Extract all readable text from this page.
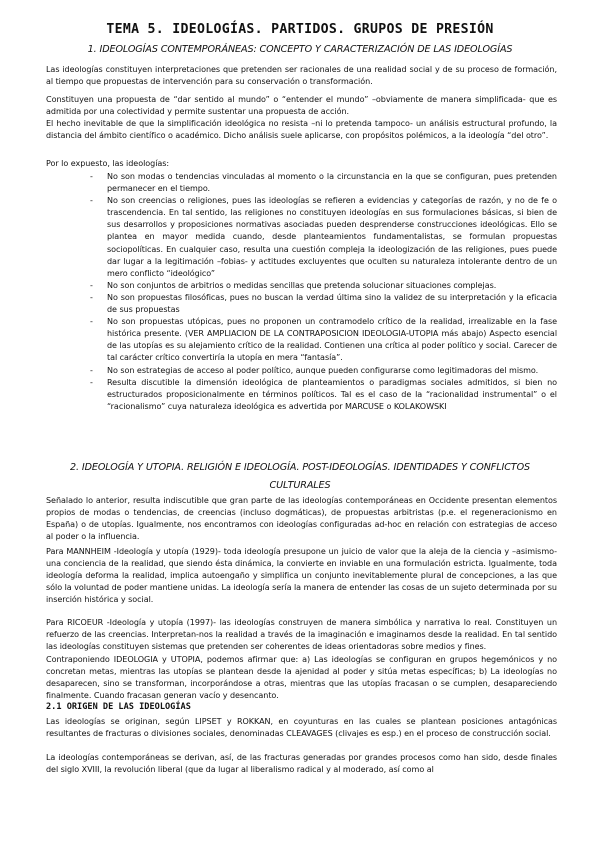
TEMA 5. IDEOLOGÍAS. PARTIDOS. GRUPOS DE PRESIÓN
1. IDEOLOGÍAS CONTEMPORÁNEAS: CONCEPTO Y CARACTERIZACIÓN DE LAS IDEOLOGÍAS
Las ideologías constituyen interpretaciones que pretenden ser racionales de una realidad social y de su proceso de formación, al tiempo que propuestas de intervención para su conservación o transformación.
Constituyen una propuesta de “dar sentido al mundo” o “entender el mundo” –obviamente de manera simplificada- que es admitida por una colectividad y permite sustentar una propuesta de acción.
El hecho inevitable de que la simplificación ideológica no resista –ni lo pretenda tampoco- un análisis estructural profundo, la distancia del ámbito científico o académico. Dicho análisis suele aplicarse, con propósitos polémicos, a la ideología “del otro”.
Por lo expuesto, las ideologías:
- No son modas o tendencias vinculadas al momento o la circunstancia en la que se configuran, pues pretenden permanecer en el tiempo.
- No son creencias o religiones, pues las ideologías se refieren a evidencias y categorías de razón, y no de fe o trascendencia. En tal sentido, las religiones no constituyen ideologías en sus formulaciones básicas, si bien de sus desarrollos y proposiciones normativas asociadas pueden desprenderse construcciones ideológicas. Ello se plantea en mayor medida cuando, desde planteamientos fundamentalistas, se formulan propuestas sociopolíticas. En cualquier caso, resulta una cuestión compleja la ideologización de las religiones, pues puede dar lugar a la legitimación –fobias- y actitudes excluyentes que oculten su naturaleza intolerante dentro de un mero conflicto “ideológico”
- No son conjuntos de arbitrios o medidas sencillas que pretenda solucionar situaciones complejas.
- No son propuestas filosóficas, pues no buscan la verdad última sino la validez de su interpretación y la eficacia de sus propuestas
- No son propuestas utópicas, pues no proponen un contramodelo crítico de la realidad, irrealizable en la fase histórica presente. (VER AMPLIACION DE LA CONTRAPOSICION IDEOLOGIA-UTOPIA más abajo) Aspecto esencial de las utopías es su alejamiento crítico de la realidad. Contienen una crítica al poder político y social. Carecer de tal carácter crítico convertiría la utopía en mera “fantasía”.
- No son estrategias de acceso al poder político, aunque pueden configurarse como legitimadoras del mismo.
- Resulta discutible la dimensión ideológica de planteamientos o paradigmas sociales admitidos, si bien no estructurados proposicionalmente en términos políticos. Tal es el caso de la “racionalidad instrumental” o el “racionalismo” cuya naturaleza ideológica es advertida por MARCUSE o KOLAKOWSKI
2. IDEOLOGÍA Y UTOPIA. RELIGIÓN E IDEOLOGÍA. POST-IDEOLOGÍAS. IDENTIDADES Y CONFLICTOS CULTURALES
Señalado lo anterior, resulta indiscutible que gran parte de las ideologías contemporáneas en Occidente presentan elementos propios de modas o tendencias, de creencias (incluso dogmáticas), de propuestas arbitristas (p.e. el regeneracionismo en España) o de utopías. Igualmente, nos encontramos con ideologías configuradas ad-hoc en relación con estrategias de acceso al poder o la influencia.
Para MANNHEIM -Ideología y utopía (1929)- toda ideología presupone un juicio de valor que la aleja de la ciencia y –asimismo- una conciencia de la realidad, que siendo ésta dinámica, la convierte en inviable en una formulación estricta. Igualmente, toda ideología deforma la realidad, implica autoengaño y simplifica un conjunto inevitablemente plural de concepciones, a las que sólo la voluntad de poder mantiene unidas. La ideología sería la manera de entender las cosas de un sujeto determinada por su inserción histórica y social.
Para RICOEUR -Ideología y utopía (1997)- las ideologías construyen de manera simbólica y narrativa lo real. Constituyen un refuerzo de las creencias. Interpretan-nos la realidad a través de la imaginación e imaginamos desde la realidad. En tal sentido las ideologías constituyen sistemas que pretenden ser coherentes de ideas orientadoras sobre medios y fines.
Contraponiendo IDEOLOGIA y UTOPIA, podemos afirmar que: a) Las ideologías se configuran en grupos hegemónicos y no concretan metas, mientras las utopías se plantean desde la ajenidad al poder y sitúa metas específicas; b) La ideologías no desaparecen, sino se transforman, incorporándose a otras, mientras que las utopías fracasan o se cumplen, desapareciendo finalmente. Cuando fracasan generan vacío y desencanto.
2.1 ORIGEN DE LAS IDEOLOGÍAS
Las ideologías se originan, según LIPSET y ROKKAN, en coyunturas en las cuales se plantean posiciones antagónicas resultantes de fracturas o divisiones sociales, denominadas CLEAVAGES (clivajes es esp.) en el proceso de construcción social.
La ideologías contemporáneas se derivan, así, de las fracturas generadas por grandes procesos como han sido, desde finales del siglo XVIII, la revolución liberal (que da lugar al liberalismo radical y al moderado, así como al
